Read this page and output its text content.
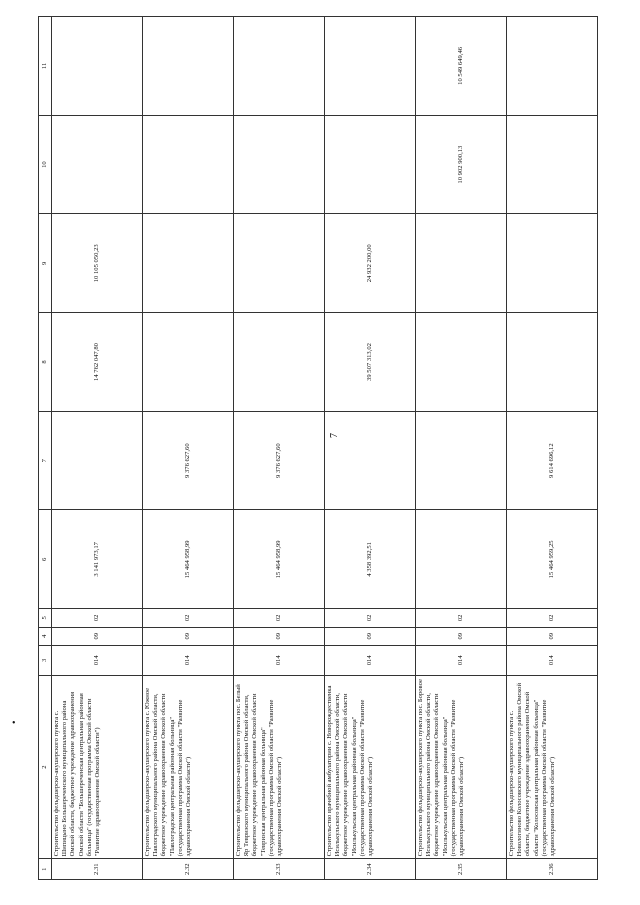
•
7
1	2	3	4	5	6	7	8	9	10	11
2.31	Строительство фельдшерско-акушерского пункта с. Шипицыно Большереченского муниципального района Омской области, бюджетное учреждение здравоохранения Омской области "Большереченская центральная районная больница" (государственная программа Омской области "Развитие здравоохранения Омской области")	014	09	02	3 141 973,17		14 762 047,80	10 105 050,23		
2.32	Строительство фельдшерско-акушерского пункта с. Южное Павлоградского муниципального района Омской области, бюджетное учреждение здравоохранения Омской области "Павлоградская центральная районная больница" (государственная программа Омской области "Развитие здравоохранения Омской области")	014	09	02	15 464 958,99	9 376 627,60				
2.33	Строительство фельдшерско-акушерского пункта пос. Белый Яр Тевризского муниципального района Омской области, бюджетное учреждение здравоохранения Омской области "Тевризская центральная районная больница" (государственная программа Омской области "Развитие здравоохранения Омской области")	014	09	02	15 464 958,99	9 376 627,60				
2.34	Строительство врачебной амбулатории с. Новорождественка Исилькульского муниципального района Омской области, бюджетное учреждение здравоохранения Омской области "Исилькульская центральная районная больница" (государственная программа Омской области "Развитие здравоохранения Омской области")	014	09	02	4 358 392,51		39 507 313,02	24 932 200,00		
2.35	Строительство фельдшерско-акушерского пункта пос. Боровое Исилькульского муниципального района Омской области, бюджетное учреждение здравоохранения Омской области "Исилькульская центральная районная больница" (государственная программа Омской области "Развитие здравоохранения Омской области")	014	09	02					10 902 900,13	10 549 649,46
2.36	Строительство фельдшерско-акушерского пункта с. Новологиново Колосовского муниципального района Омской области, бюджетное учреждение здравоохранения Омской области "Колосовская центральная районная больница" (государственная программа Омской области "Развитие здравоохранения Омской области")	014	09	02	15 464 959,25	9 614 696,12				
